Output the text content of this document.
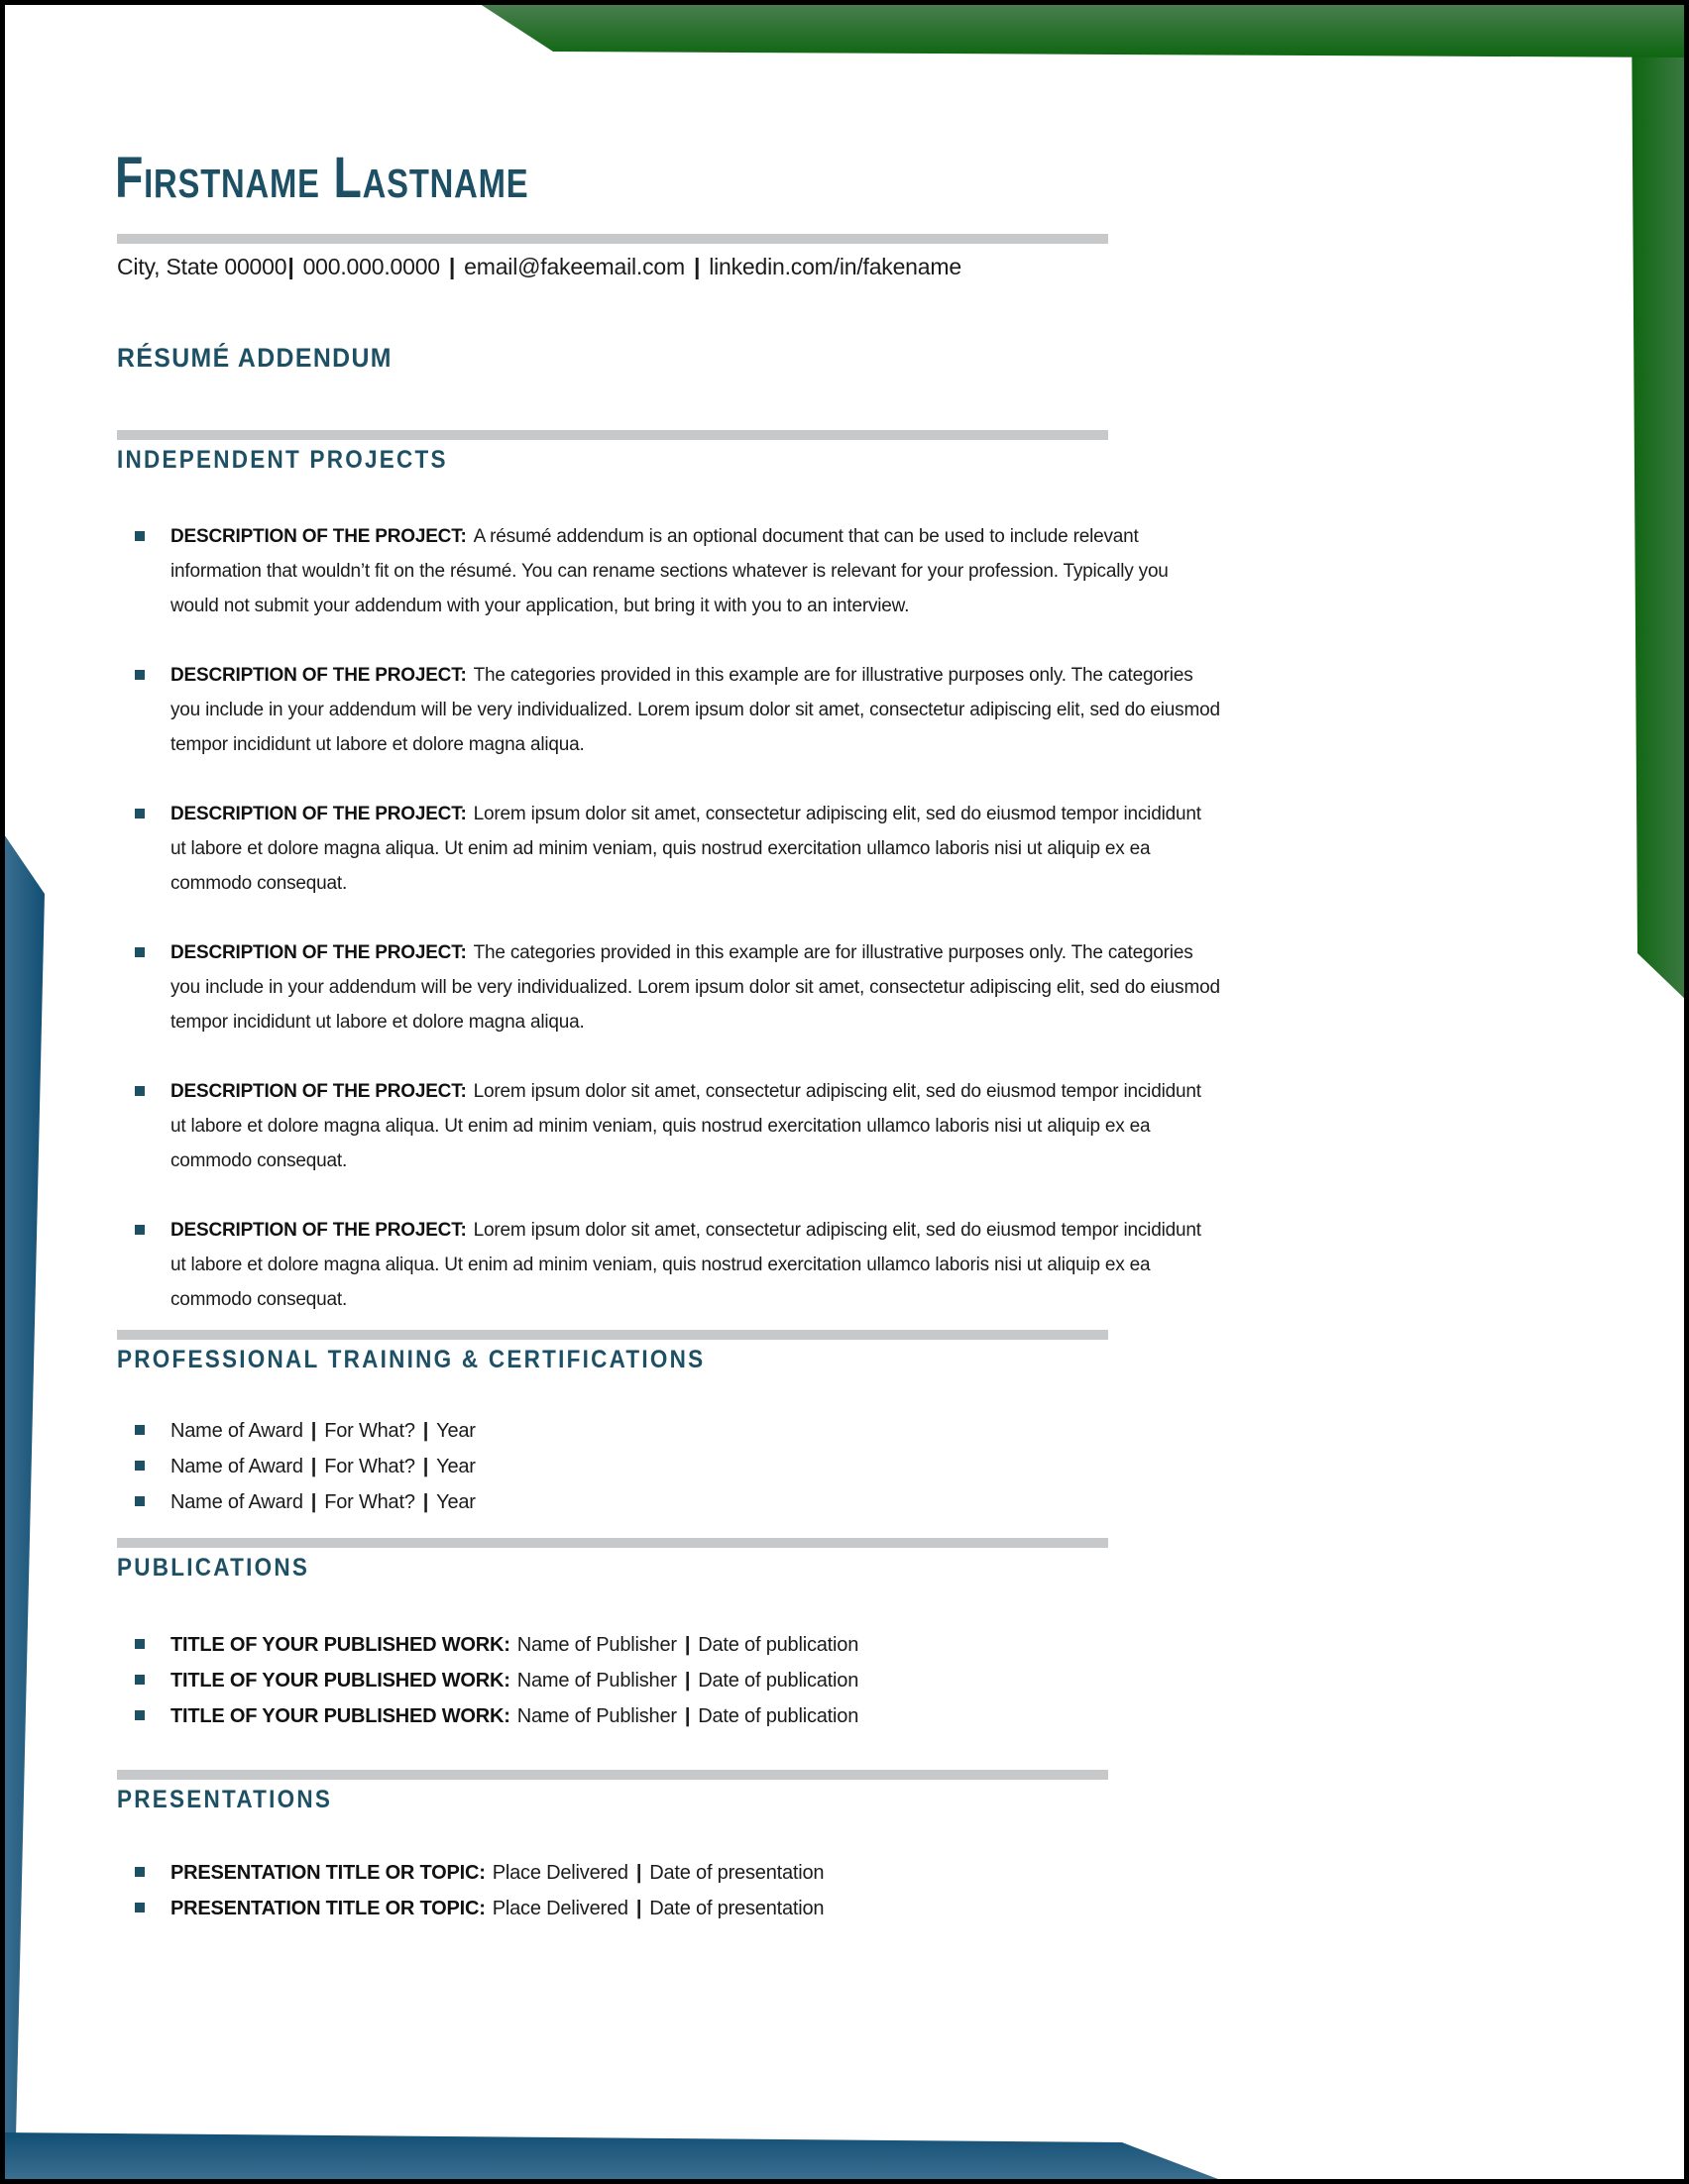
Firstname Lastname
City, State 00000| 000.000.0000 | email@fakeemail.com | linkedin.com/in/fakename
RÉSUMÉ ADDENDUM
INDEPENDENT PROJECTS
DESCRIPTION OF THE PROJECT: A résumé addendum is an optional document that can be used to include relevant information that wouldn’t fit on the résumé. You can rename sections whatever is relevant for your profession. Typically you would not submit your addendum with your application, but bring it with you to an interview.
DESCRIPTION OF THE PROJECT: The categories provided in this example are for illustrative purposes only. The categories you include in your addendum will be very individualized. Lorem ipsum dolor sit amet, consectetur adipiscing elit, sed do eiusmod tempor incididunt ut labore et dolore magna aliqua.
DESCRIPTION OF THE PROJECT: Lorem ipsum dolor sit amet, consectetur adipiscing elit, sed do eiusmod tempor incididunt ut labore et dolore magna aliqua. Ut enim ad minim veniam, quis nostrud exercitation ullamco laboris nisi ut aliquip ex ea commodo consequat.
DESCRIPTION OF THE PROJECT: The categories provided in this example are for illustrative purposes only. The categories you include in your addendum will be very individualized. Lorem ipsum dolor sit amet, consectetur adipiscing elit, sed do eiusmod tempor incididunt ut labore et dolore magna aliqua.
DESCRIPTION OF THE PROJECT: Lorem ipsum dolor sit amet, consectetur adipiscing elit, sed do eiusmod tempor incididunt ut labore et dolore magna aliqua. Ut enim ad minim veniam, quis nostrud exercitation ullamco laboris nisi ut aliquip ex ea commodo consequat.
DESCRIPTION OF THE PROJECT: Lorem ipsum dolor sit amet, consectetur adipiscing elit, sed do eiusmod tempor incididunt ut labore et dolore magna aliqua. Ut enim ad minim veniam, quis nostrud exercitation ullamco laboris nisi ut aliquip ex ea commodo consequat.
PROFESSIONAL TRAINING & CERTIFICATIONS
Name of Award | For What? | Year
Name of Award | For What? | Year
Name of Award | For What? | Year
PUBLICATIONS
TITLE OF YOUR PUBLISHED WORK: Name of Publisher | Date of publication
TITLE OF YOUR PUBLISHED WORK: Name of Publisher | Date of publication
TITLE OF YOUR PUBLISHED WORK: Name of Publisher | Date of publication
PRESENTATIONS
PRESENTATION TITLE OR TOPIC: Place Delivered | Date of presentation
PRESENTATION TITLE OR TOPIC: Place Delivered | Date of presentation
